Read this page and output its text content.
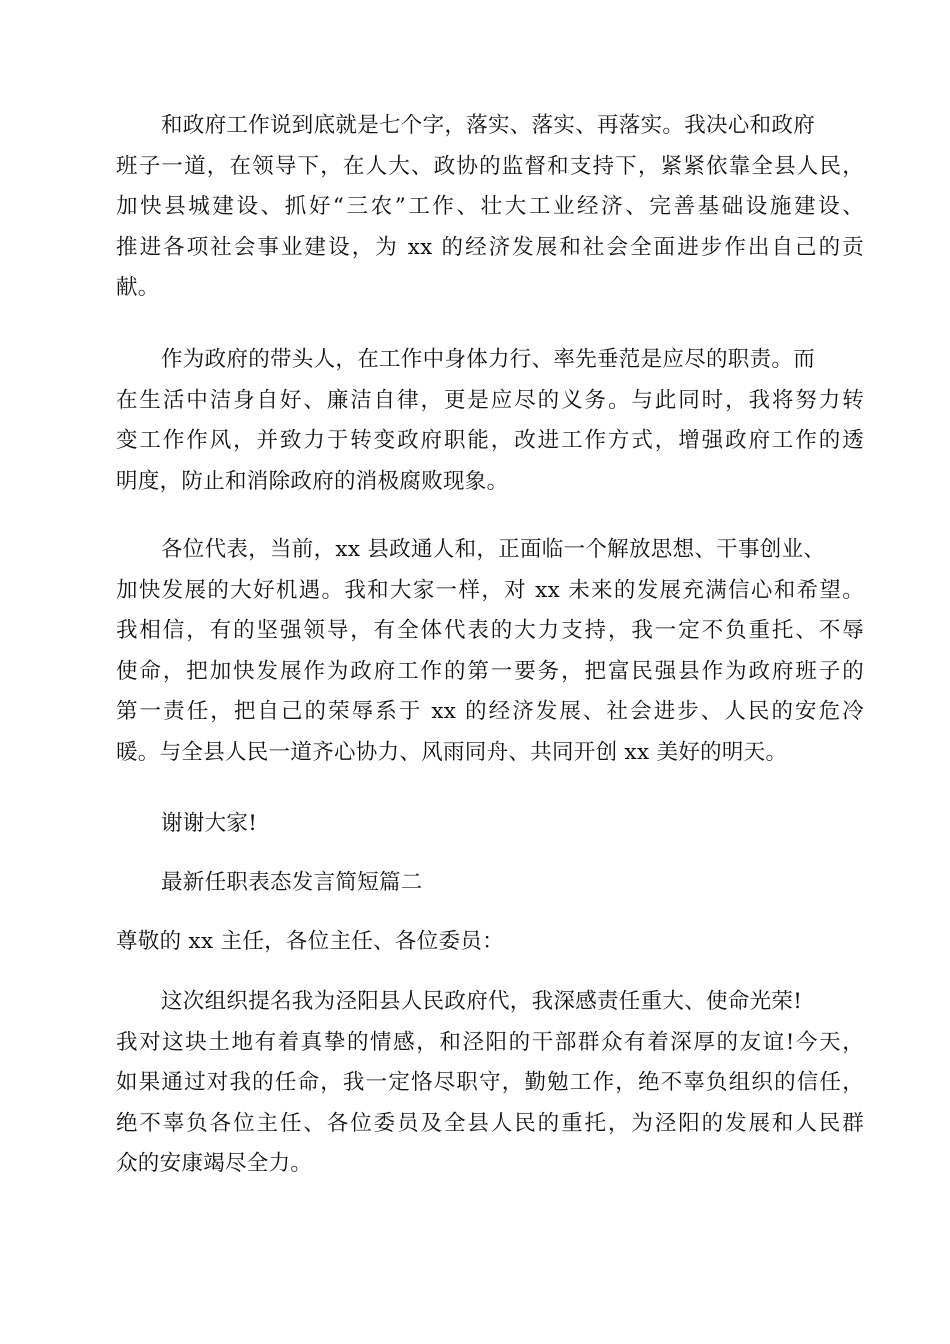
和政府工作说到底就是七个字，落实、落实、再落实。我决心和政府
班子一道，在领导下，在人大、政协的监督和支持下，紧紧依靠全县人民，
加快县城建设、抓好“三农”工作、壮大工业经济、完善基础设施建设、
推进各项社会事业建设，为 xx 的经济发展和社会全面进步作出自己的贡
献。
作为政府的带头人，在工作中身体力行、率先垂范是应尽的职责。而
在生活中洁身自好、廉洁自律，更是应尽的义务。与此同时，我将努力转
变工作作风，并致力于转变政府职能，改进工作方式，增强政府工作的透
明度，防止和消除政府的消极腐败现象。
各位代表，当前，xx 县政通人和，正面临一个解放思想、干事创业、
加快发展的大好机遇。我和大家一样，对 xx 未来的发展充满信心和希望。
我相信，有的坚强领导，有全体代表的大力支持，我一定不负重托、不辱
使命，把加快发展作为政府工作的第一要务，把富民强县作为政府班子的
第一责任，把自己的荣辱系于 xx 的经济发展、社会进步、人民的安危冷
暖。与全县人民一道齐心协力、风雨同舟、共同开创 xx 美好的明天。
谢谢大家!
最新任职表态发言简短篇二
尊敬的 xx 主任，各位主任、各位委员：
这次组织提名我为泾阳县人民政府代，我深感责任重大、使命光荣!
我对这块土地有着真挚的情感，和泾阳的干部群众有着深厚的友谊!今天，
如果通过对我的任命，我一定恪尽职守，勤勉工作，绝不辜负组织的信任，
绝不辜负各位主任、各位委员及全县人民的重托，为泾阳的发展和人民群
众的安康竭尽全力。
